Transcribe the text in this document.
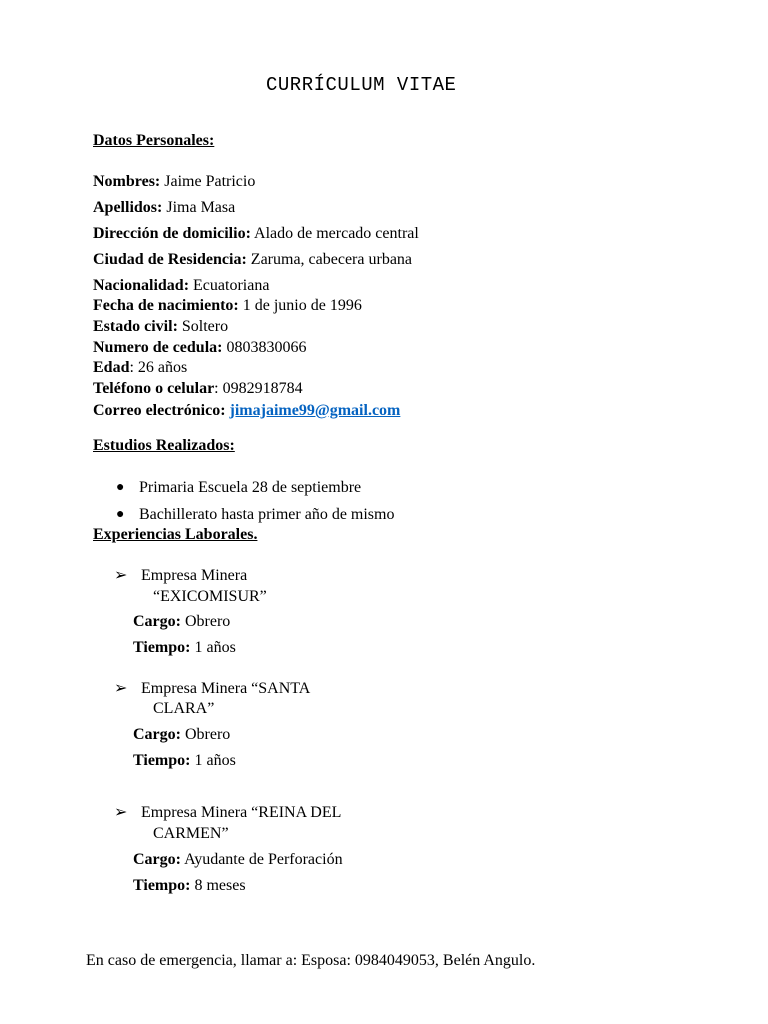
CURRÍCULUM VITAE
Datos Personales:
Nombres: Jaime Patricio
Apellidos: Jima Masa
Dirección de domicilio: Alado de mercado central
Ciudad de Residencia: Zaruma, cabecera urbana
Nacionalidad: Ecuatoriana
Fecha de nacimiento: 1 de junio de 1996
Estado civil: Soltero
Numero de cedula: 0803830066
Edad: 26 años
Teléfono o celular: 0982918784
Correo electrónico: jimajaime99@gmail.com
Estudios Realizados:
● Primaria Escuela 28 de septiembre
● Bachillerato hasta primer año de mismo
Experiencias Laborales.
➢ Empresa Minera
“EXICOMISUR”
Cargo: Obrero
Tiempo: 1 años
➢ Empresa Minera “SANTA
CLARA”
Cargo: Obrero
Tiempo: 1 años
➢ Empresa Minera “REINA DEL
CARMEN”
Cargo: Ayudante de Perforación
Tiempo: 8 meses
En caso de emergencia, llamar a: Esposa: 0984049053, Belén Angulo.
